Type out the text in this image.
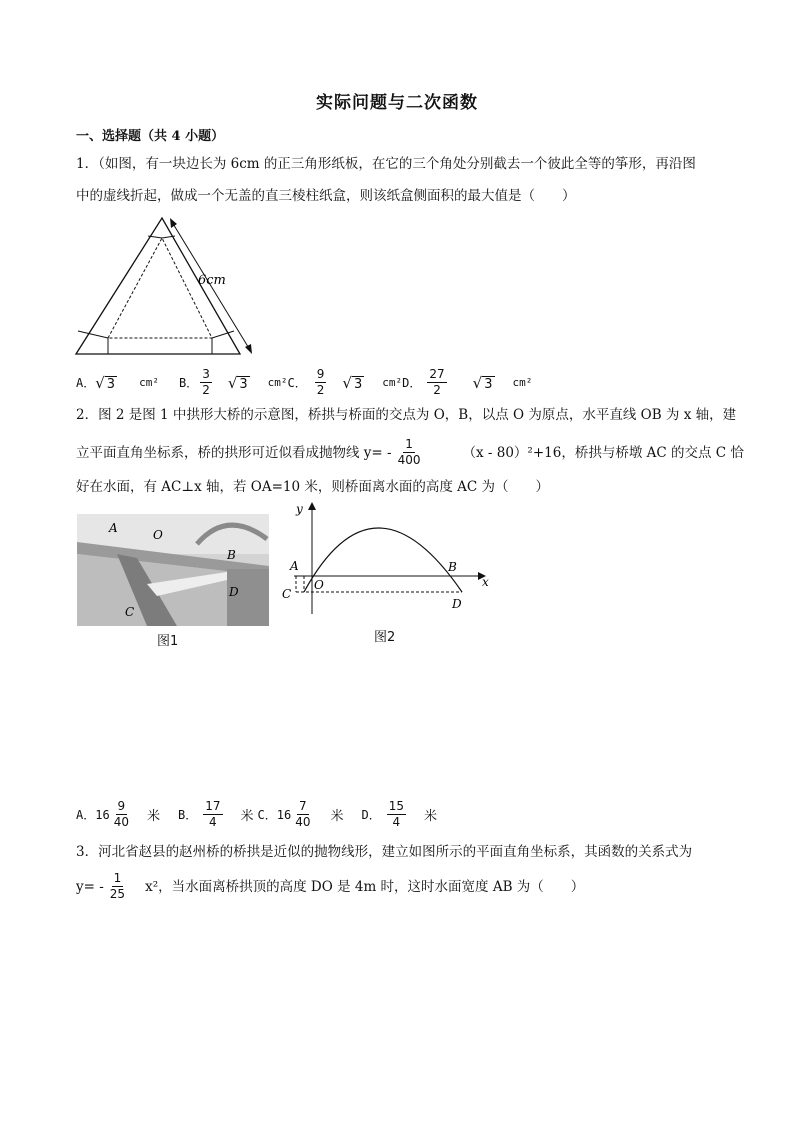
实际问题与二次函数
一、选择题（共 4 小题）
1．（如图，有一块边长为 6cm 的正三角形纸板，在它的三个角处分别截去一个彼此全等的筝形，再沿图
中的虚线折起，做成一个无盖的直三棱柱纸盒，则该纸盒侧面积的最大值是（　　）
6cm
A． √ 3 cm² B． $\frac{3}{2}$ √ 3 cm² C． $\frac{9}{2}$ √ 3 cm² D． $\frac{27}{2}$ √ 3 cm²
2．图 2 是图 1 中拱形大桥的示意图，桥拱与桥面的交点为 O，B，以点 O 为原点，水平直线 OB 为 x 轴，建
立平面直角坐标系，桥的拱形可近似看成抛物线 $y= - \frac{1}{400}$	（x - 80）²+16，桥拱与桥墩 AC 的交点 C 恰
好在水面，有 AC⊥x 轴，若 OA=10 米，则桥面离水面的高度 AC 为（　　）
A	O
B
C
D
图1
y
x
A
O
B
C
D
图2
A． $16 \frac{9}{40}$ 米 B． $\frac{17}{4}$ 米 C． $16 \frac{7}{40}$ 米 D． $\frac{15}{4}$ 米
3．河北省赵县的赵州桥的桥拱是近似的抛物线形，建立如图所示的平面直角坐标系，其函数的关系式为
$y= - \frac{1}{25} x^2$，当水面离桥拱顶的高度 DO 是 4m 时，这时水面宽度 AB 为（　　）
